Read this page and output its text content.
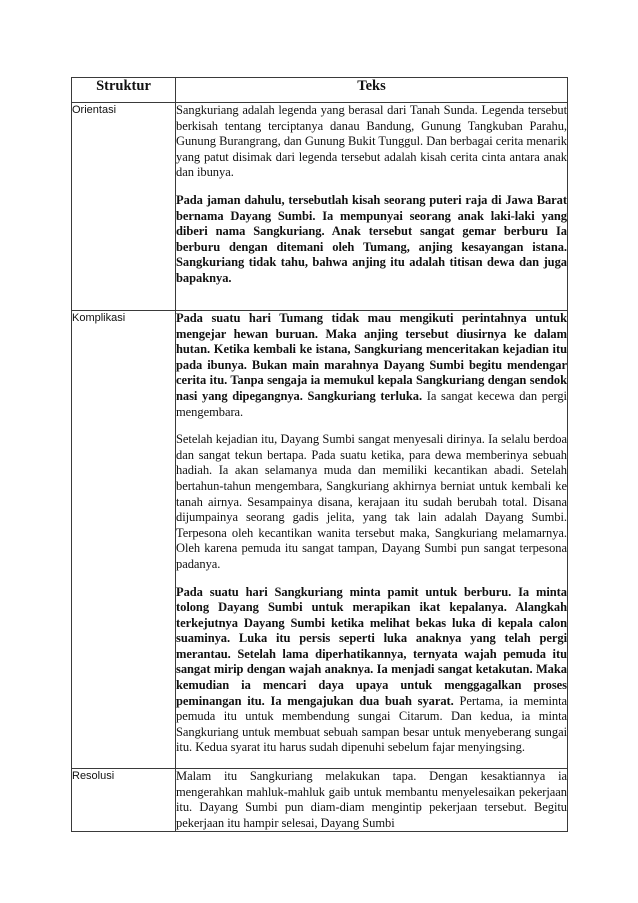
Struktur	Teks
Orientasi	Sangkuriang adalah legenda yang berasal dari Tanah Sunda. Legenda tersebut berkisah tentang terciptanya danau Bandung, Gunung Tangkuban Parahu, Gunung Burangrang, dan Gunung Bukit Tunggul. Dan berbagai cerita menarik yang patut disimak dari legenda tersebut adalah kisah cerita cinta antara anak dan ibunya.

Pada jaman dahulu, tersebutlah kisah seorang puteri raja di Jawa Barat bernama Dayang Sumbi. Ia mempunyai seorang anak laki-laki yang diberi nama Sangkuriang. Anak tersebut sangat gemar berburu Ia berburu dengan ditemani oleh Tumang, anjing kesayangan istana. Sangkuriang tidak tahu, bahwa anjing itu adalah titisan dewa dan juga bapaknya.

Komplikasi	Pada suatu hari Tumang tidak mau mengikuti perintahnya untuk mengejar hewan buruan. Maka anjing tersebut diusirnya ke dalam hutan. Ketika kembali ke istana, Sangkuriang menceritakan kejadian itu pada ibunya. Bukan main marahnya Dayang Sumbi begitu mendengar cerita itu. Tanpa sengaja ia memukul kepala Sangkuriang dengan sendok nasi yang dipegangnya. Sangkuriang terluka. Ia sangat kecewa dan pergi mengembara.

Setelah kejadian itu, Dayang Sumbi sangat menyesali dirinya. Ia selalu berdoa dan sangat tekun bertapa. Pada suatu ketika, para dewa memberinya sebuah hadiah. Ia akan selamanya muda dan memiliki kecantikan abadi. Setelah bertahun-tahun mengembara, Sangkuriang akhirnya berniat untuk kembali ke tanah airnya. Sesampainya disana, kerajaan itu sudah berubah total. Disana dijumpainya seorang gadis jelita, yang tak lain adalah Dayang Sumbi. Terpesona oleh kecantikan wanita tersebut maka, Sangkuriang melamarnya. Oleh karena pemuda itu sangat tampan, Dayang Sumbi pun sangat terpesona padanya.

Pada suatu hari Sangkuriang minta pamit untuk berburu. Ia minta tolong Dayang Sumbi untuk merapikan ikat kepalanya. Alangkah terkejutnya Dayang Sumbi ketika melihat bekas luka di kepala calon suaminya. Luka itu persis seperti luka anaknya yang telah pergi merantau. Setelah lama diperhatikannya, ternyata wajah pemuda itu sangat mirip dengan wajah anaknya. Ia menjadi sangat ketakutan. Maka kemudian ia mencari daya upaya untuk menggagalkan proses peminangan itu. Ia mengajukan dua buah syarat. Pertama, ia meminta pemuda itu untuk membendung sungai Citarum. Dan kedua, ia minta Sangkuriang untuk membuat sebuah sampan besar untuk menyeberang sungai itu. Kedua syarat itu harus sudah dipenuhi sebelum fajar menyingsing.

Resolusi	Malam itu Sangkuriang melakukan tapa. Dengan kesaktiannya ia mengerahkan mahluk-mahluk gaib untuk membantu menyelesaikan pekerjaan itu. Dayang Sumbi pun diam-diam mengintip pekerjaan tersebut. Begitu pekerjaan itu hampir selesai, Dayang Sumbi
